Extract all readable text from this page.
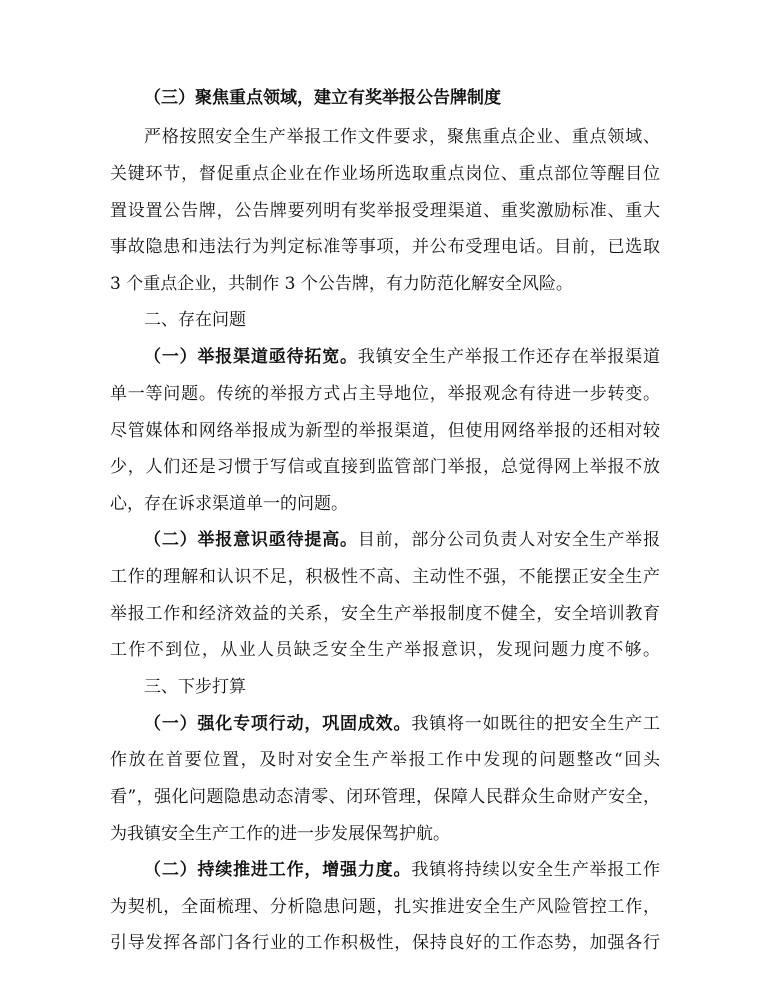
（三）聚焦重点领域，建立有奖举报公告牌制度
严格按照安全生产举报工作文件要求，聚焦重点企业、重点领域、
关键环节，督促重点企业在作业场所选取重点岗位、重点部位等醒目位
置设置公告牌，公告牌要列明有奖举报受理渠道、重奖激励标准、重大
事故隐患和违法行为判定标准等事项，并公布受理电话。目前，已选取
3 个重点企业，共制作 3 个公告牌，有力防范化解安全风险。
二、存在问题
（一）举报渠道亟待拓宽。我镇安全生产举报工作还存在举报渠道
单一等问题。传统的举报方式占主导地位，举报观念有待进一步转变。
尽管媒体和网络举报成为新型的举报渠道，但使用网络举报的还相对较
少，人们还是习惯于写信或直接到监管部门举报，总觉得网上举报不放
心，存在诉求渠道单一的问题。
（二）举报意识亟待提高。目前，部分公司负责人对安全生产举报
工作的理解和认识不足，积极性不高、主动性不强，不能摆正安全生产
举报工作和经济效益的关系，安全生产举报制度不健全，安全培训教育
工作不到位，从业人员缺乏安全生产举报意识，发现问题力度不够。
三、下步打算
（一）强化专项行动，巩固成效。我镇将一如既往的把安全生产工
作放在首要位置，及时对安全生产举报工作中发现的问题整改“回头
看”，强化问题隐患动态清零、闭环管理，保障人民群众生命财产安全，
为我镇安全生产工作的进一步发展保驾护航。
（二）持续推进工作，增强力度。我镇将持续以安全生产举报工作
为契机，全面梳理、分析隐患问题，扎实推进安全生产风险管控工作，
引导发挥各部门各行业的工作积极性，保持良好的工作态势，加强各行
